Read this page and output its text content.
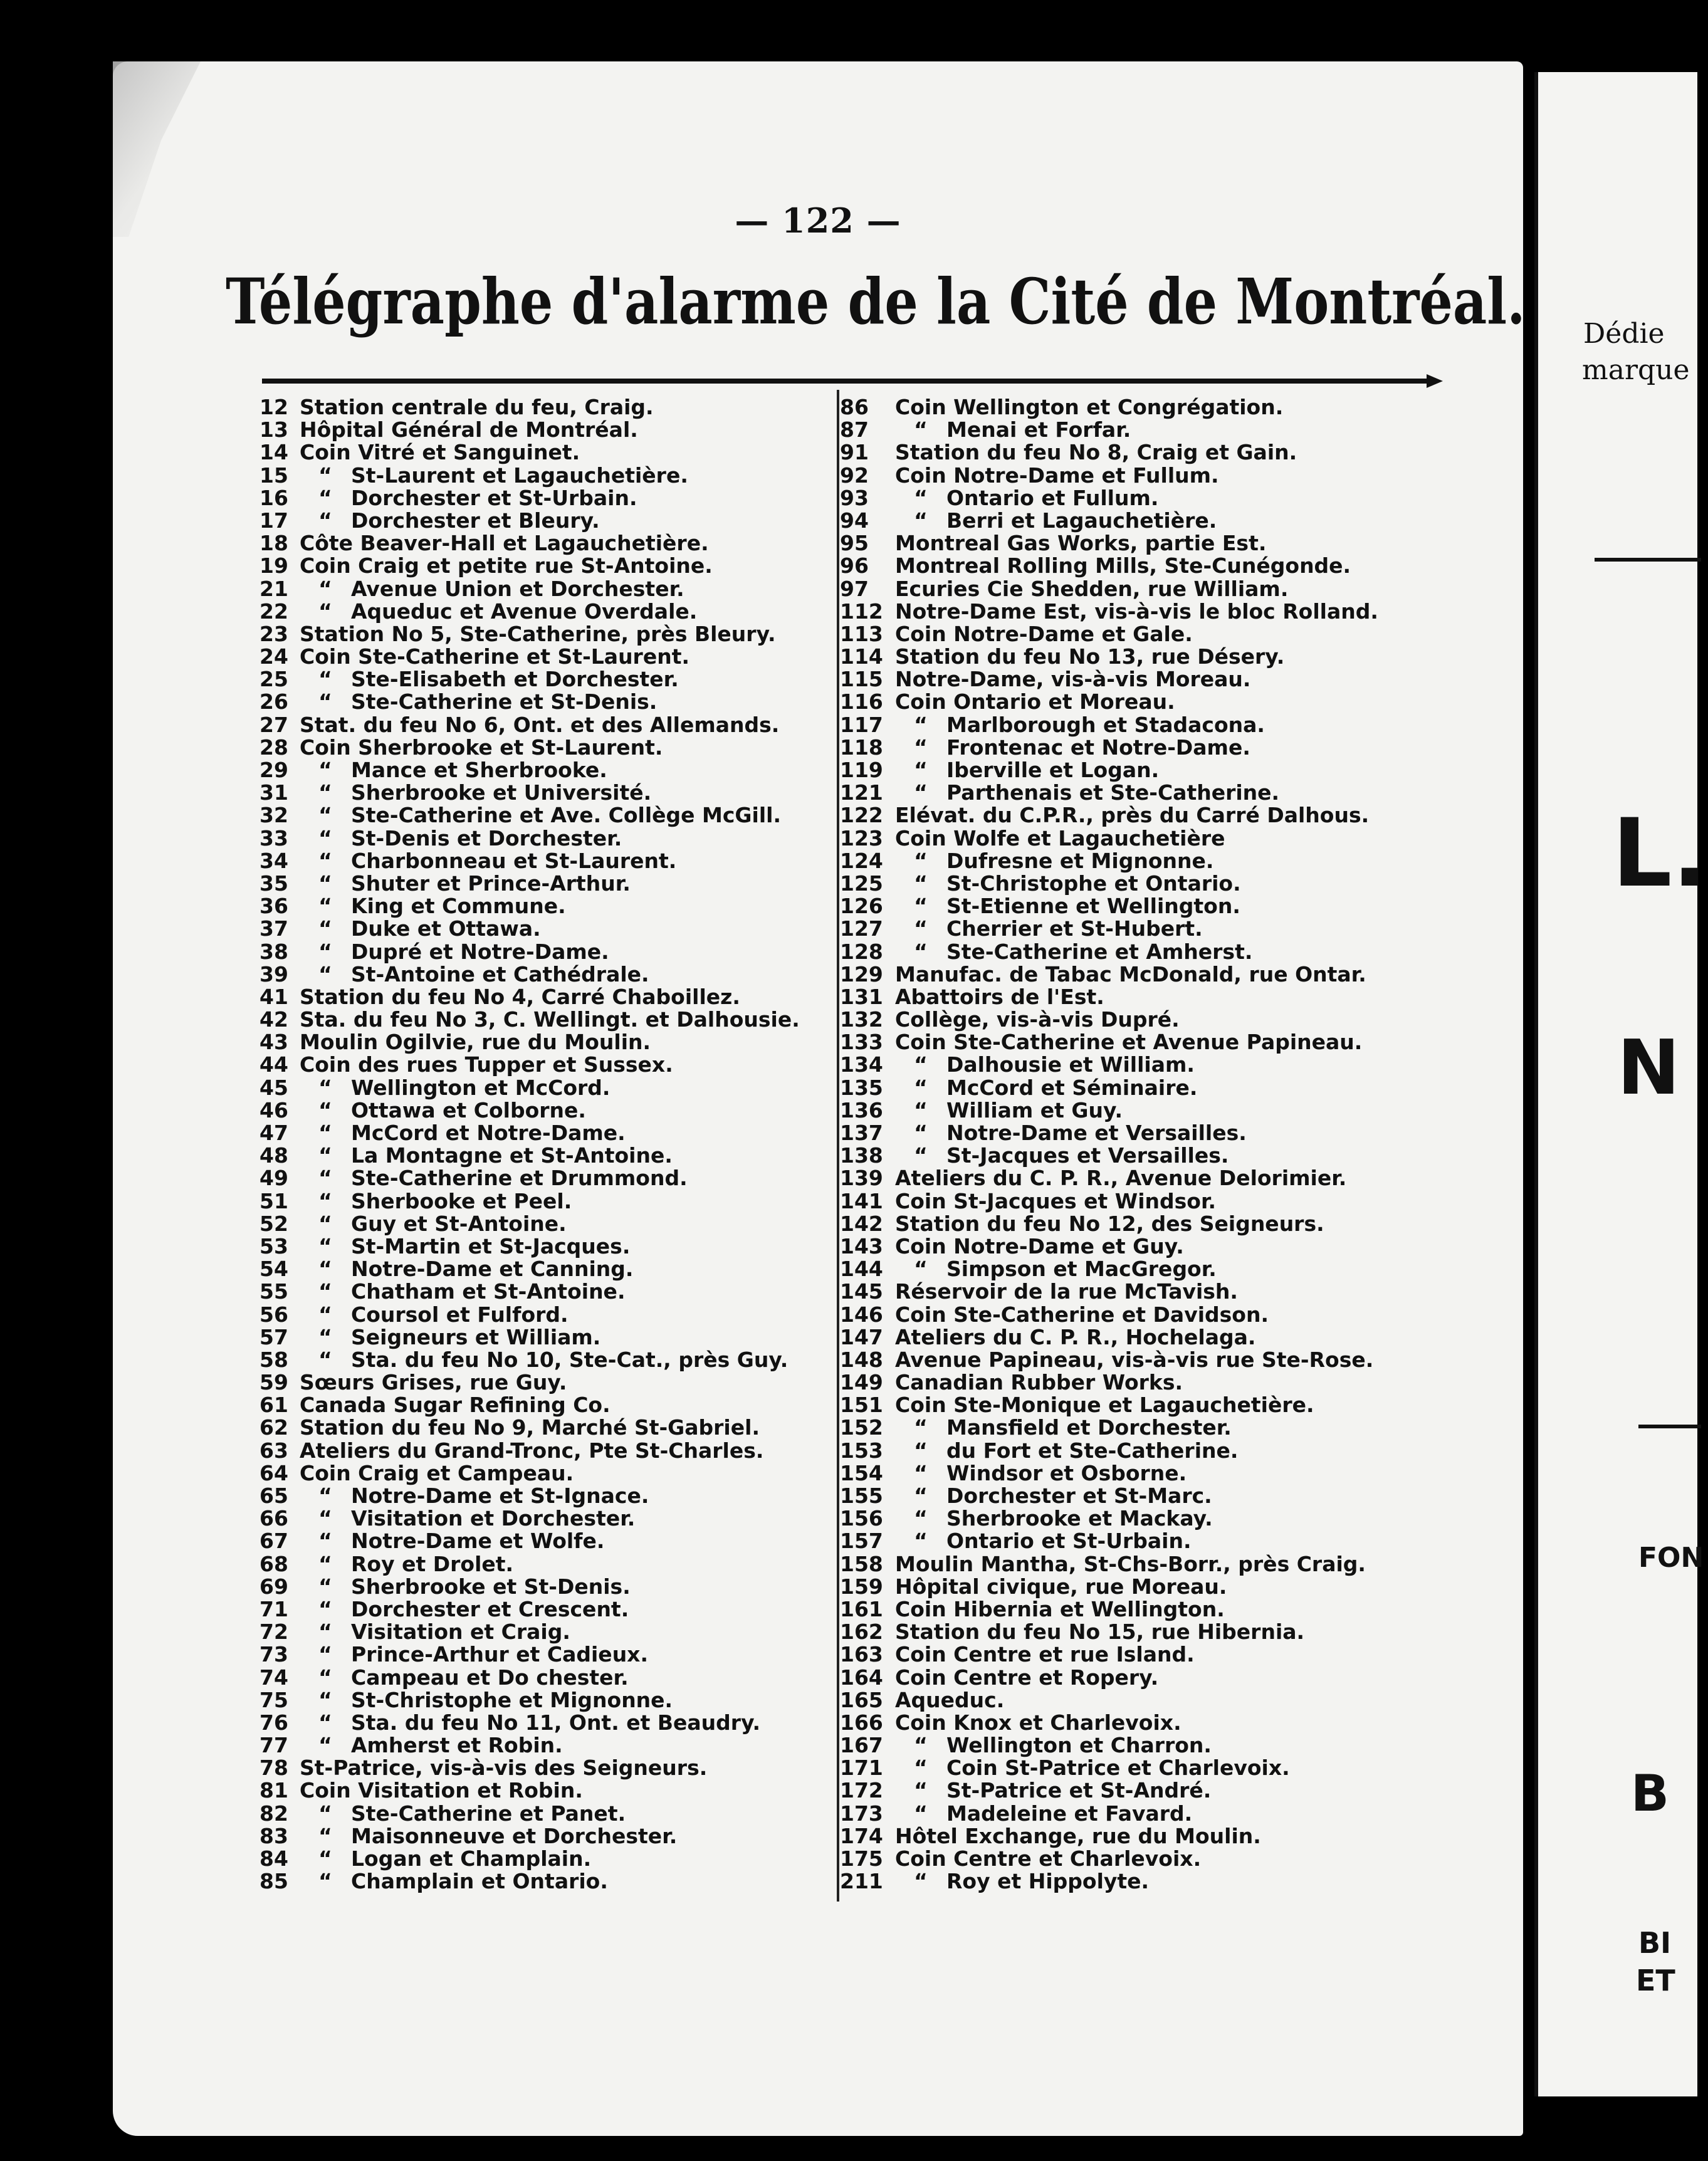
— 122 —
Télégraphe d'alarme de la Cité de Montréal.
12 Station centrale du feu, Craig.
13 Hôpital Général de Montréal.
14 Coin Vitré et Sanguinet.
15	“ St-Laurent et Lagauchetière.
16	“ Dorchester et St-Urbain.
17	“ Dorchester et Bleury.
18 Côte Beaver-Hall et Lagauchetière.
19 Coin Craig et petite rue St-Antoine.
21	“ Avenue Union et Dorchester.
22	“ Aqueduc et Avenue Overdale.
23 Station No 5, Ste-Catherine, près Bleury.
24 Coin Ste-Catherine et St-Laurent.
25	“ Ste-Elisabeth et Dorchester.
26	“ Ste-Catherine et St-Denis.
27 Stat. du feu No 6, Ont. et des Allemands.
28 Coin Sherbrooke et St-Laurent.
29	“ Mance et Sherbrooke.
31	“ Sherbrooke et Université.
32	“ Ste-Catherine et Ave. Collège McGill.
33	“ St-Denis et Dorchester.
34	“ Charbonneau et St-Laurent.
35	“ Shuter et Prince-Arthur.
36	“ King et Commune.
37	“ Duke et Ottawa.
38	“ Dupré et Notre-Dame.
39	“ St-Antoine et Cathédrale.
41 Station du feu No 4, Carré Chaboillez.
42 Sta. du feu No 3, C. Wellingt. et Dalhousie.
43 Moulin Ogilvie, rue du Moulin.
44 Coin des rues Tupper et Sussex.
45	“ Wellington et McCord.
46	“ Ottawa et Colborne.
47	“ McCord et Notre-Dame.
48	“ La Montagne et St-Antoine.
49	“ Ste-Catherine et Drummond.
51	“ Sherbooke et Peel.
52	“ Guy et St-Antoine.
53	“ St-Martin et St-Jacques.
54	“ Notre-Dame et Canning.
55	“ Chatham et St-Antoine.
56	“ Coursol et Fulford.
57	“ Seigneurs et William.
58	“ Sta. du feu No 10, Ste-Cat., près Guy.
59 Sœurs Grises, rue Guy.
61 Canada Sugar Refining Co.
62 Station du feu No 9, Marché St-Gabriel.
63 Ateliers du Grand-Tronc, Pte St-Charles.
64 Coin Craig et Campeau.
65	“ Notre-Dame et St-Ignace.
66	“ Visitation et Dorchester.
67	“ Notre-Dame et Wolfe.
68	“ Roy et Drolet.
69	“ Sherbrooke et St-Denis.
71	“ Dorchester et Crescent.
72	“ Visitation et Craig.
73	“ Prince-Arthur et Cadieux.
74	“ Campeau et Do chester.
75	“ St-Christophe et Mignonne.
76	“ Sta. du feu No 11, Ont. et Beaudry.
77	“ Amherst et Robin.
78 St-Patrice, vis-à-vis des Seigneurs.
81 Coin Visitation et Robin.
82	“ Ste-Catherine et Panet.
83	“ Maisonneuve et Dorchester.
84	“ Logan et Champlain.
85	“ Champlain et Ontario.
86	Coin Wellington et Congrégation.
87	“ Menai et Forfar.
91	Station du feu No 8, Craig et Gain.
92	Coin Notre-Dame et Fullum.
93	“ Ontario et Fullum.
94	“ Berri et Lagauchetière.
95	Montreal Gas Works, partie Est.
96	Montreal Rolling Mills, Ste-Cunégonde.
97	Ecuries Cie Shedden, rue William.
112 Notre-Dame Est, vis-à-vis le bloc Rolland.
113 Coin Notre-Dame et Gale.
114 Station du feu No 13, rue Désery.
115 Notre-Dame, vis-à-vis Moreau.
116 Coin Ontario et Moreau.
117	“ Marlborough et Stadacona.
118	“ Frontenac et Notre-Dame.
119	“ Iberville et Logan.
121	“ Parthenais et Ste-Catherine.
122 Elévat. du C.P.R., près du Carré Dalhous.
123 Coin Wolfe et Lagauchetière
124	“ Dufresne et Mignonne.
125	“ St-Christophe et Ontario.
126	“ St-Etienne et Wellington.
127	“ Cherrier et St-Hubert.
128	“ Ste-Catherine et Amherst.
129 Manufac. de Tabac McDonald, rue Ontar.
131 Abattoirs de l'Est.
132 Collège, vis-à-vis Dupré.
133 Coin Ste-Catherine et Avenue Papineau.
134	“ Dalhousie et William.
135	“ McCord et Séminaire.
136	“ William et Guy.
137	“ Notre-Dame et Versailles.
138	“ St-Jacques et Versailles.
139 Ateliers du C. P. R., Avenue Delorimier.
141 Coin St-Jacques et Windsor.
142 Station du feu No 12, des Seigneurs.
143 Coin Notre-Dame et Guy.
144	“ Simpson et MacGregor.
145 Réservoir de la rue McTavish.
146 Coin Ste-Catherine et Davidson.
147 Ateliers du C. P. R., Hochelaga.
148 Avenue Papineau, vis-à-vis rue Ste-Rose.
149 Canadian Rubber Works.
151 Coin Ste-Monique et Lagauchetière.
152	“ Mansfield et Dorchester.
153	“ du Fort et Ste-Catherine.
154	“ Windsor et Osborne.
155	“ Dorchester et St-Marc.
156	“ Sherbrooke et Mackay.
157	“ Ontario et St-Urbain.
158 Moulin Mantha, St-Chs-Borr., près Craig.
159 Hôpital civique, rue Moreau.
161 Coin Hibernia et Wellington.
162 Station du feu No 15, rue Hibernia.
163 Coin Centre et rue Island.
164 Coin Centre et Ropery.
165 Aqueduc.
166 Coin Knox et Charlevoix.
167	“ Wellington et Charron.
171	“ Coin St-Patrice et Charlevoix.
172	“ St-Patrice et St-André.
173	“ Madeleine et Favard.
174 Hôtel Exchange, rue du Moulin.
175 Coin Centre et Charlevoix.
211	“ Roy et Hippolyte.
Dédie
marque
L.
N
FON
B
BI
ET
